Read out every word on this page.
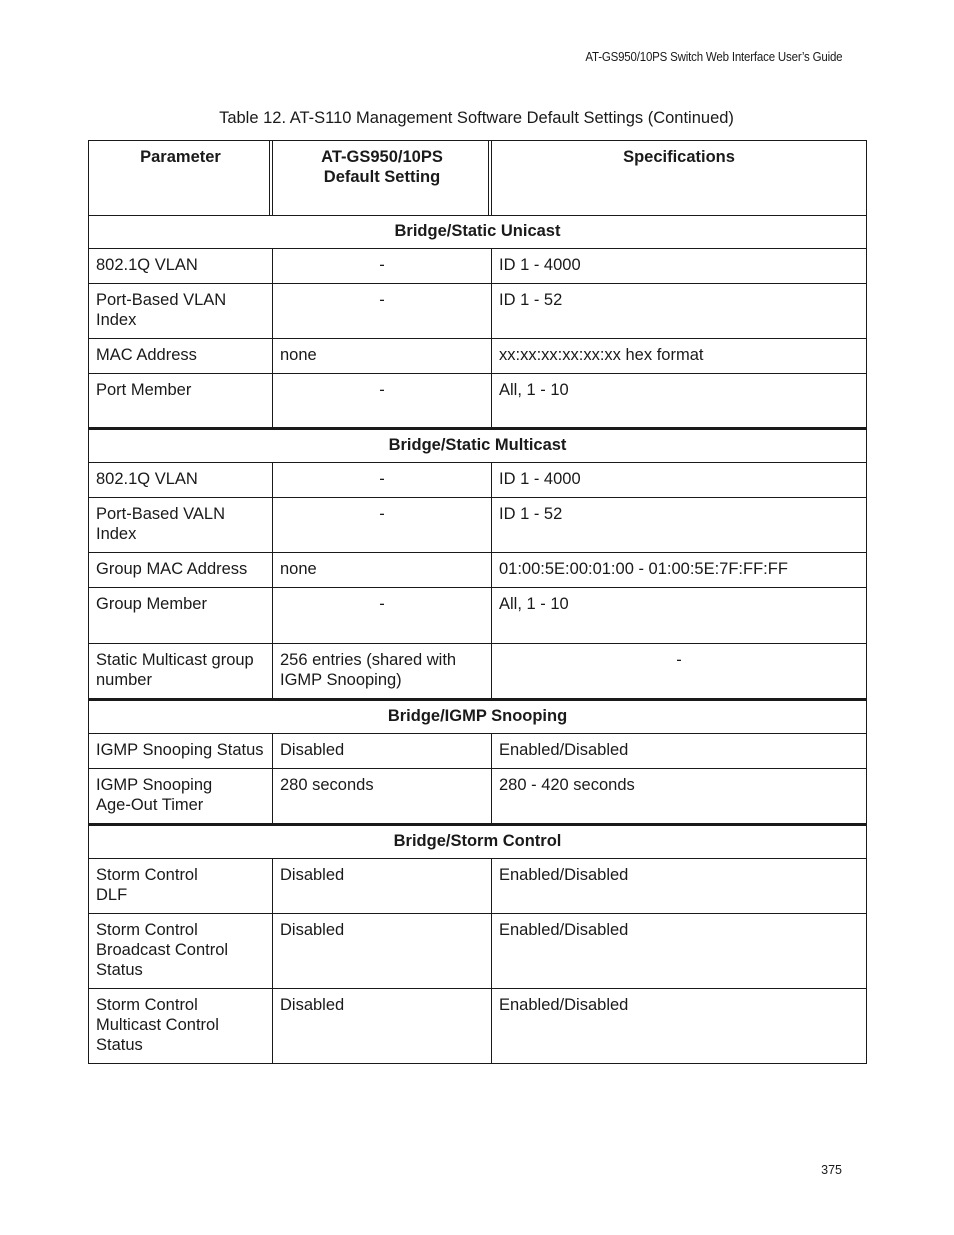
AT-GS950/10PS Switch Web Interface User’s Guide
Table 12. AT-S110 Management Software Default Settings (Continued)
Parameter	AT-GS950/10PS Default Setting	Specifications
Bridge/Static Unicast		
802.1Q VLAN	-	ID 1 - 4000
Port-Based VLAN Index	-	ID 1 - 52
MAC Address	none	xx:xx:xx:xx:xx:xx hex format
Port Member	-	All, 1 - 10
Bridge/Static Multicast		
802.1Q VLAN	-	ID 1 - 4000
Port-Based VALN Index	-	ID 1 - 52
Group MAC Address	none	01:00:5E:00:01:00 - 01:00:5E:7F:FF:FF
Group Member	-	All, 1 - 10
Static Multicast group number	256 entries (shared with IGMP Snooping)	-
Bridge/IGMP Snooping		
IGMP Snooping Status	Disabled	Enabled/Disabled
IGMP Snooping Age-Out Timer	280 seconds	280 - 420 seconds
Bridge/Storm Control		
Storm Control DLF	Disabled	Enabled/Disabled
Storm Control Broadcast Control Status	Disabled	Enabled/Disabled
Storm Control Multicast Control Status	Disabled	Enabled/Disabled
375
